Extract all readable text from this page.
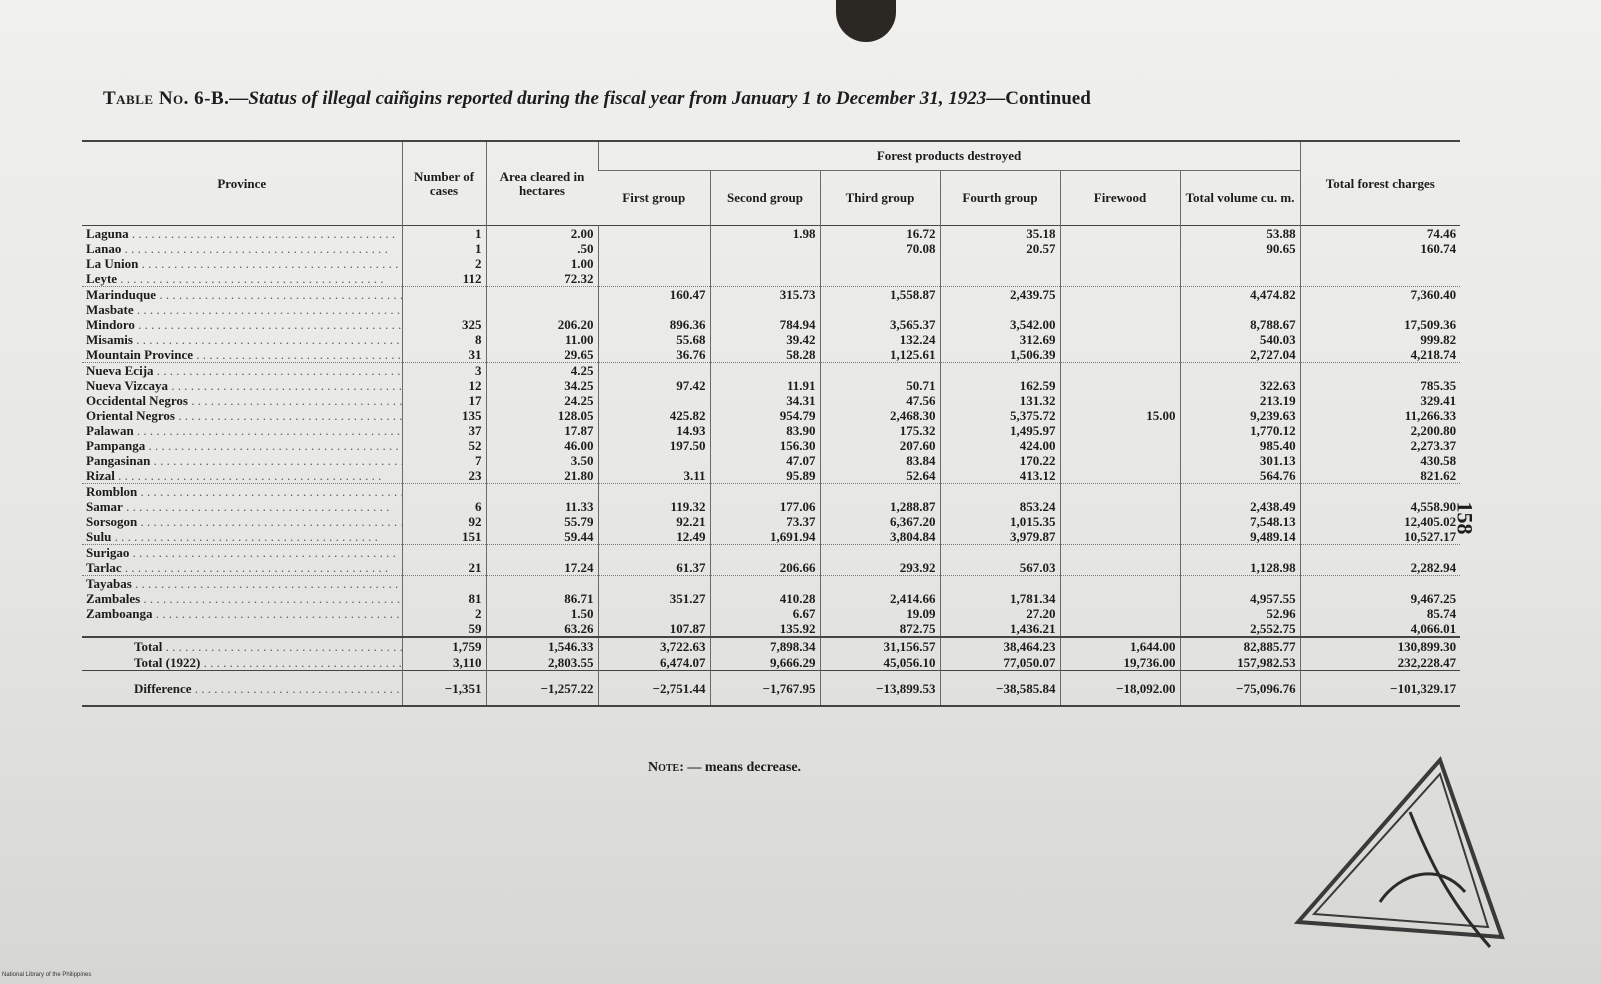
Table No. 6-B.—Status of illegal caiñgins reported during the fiscal year from January 1 to December 31, 1923—Continued
Province	Number of cases	Area cleared in hectares	Forest products destroyed						Total forest charges
			First group	Second group	Third group	Fourth group	Firewood	Total volume cu. m.	
Laguna . . .	1	2.00		1.98	16.72	35.18		53.88	74.46
Lanao . . .	1	.50			70.08	20.57		90.65	160.74
La Union . . .	2	1.00							
Leyte . . .	112	72.32							
Marinduque . . .			160.47	315.73	1,558.87	2,439.75		4,474.82	7,360.40
Masbate . . .									
Mindoro . . .	325	206.20	896.36	784.94	3,565.37	3,542.00		8,788.67	17,509.36
Misamis . . .	8	11.00	55.68	39.42	132.24	312.69		540.03	999.82
Mountain Province . . .	31	29.65	36.76	58.28	1,125.61	1,506.39		2,727.04	4,218.74
Nueva Ecija . . .	3	4.25							
Nueva Vizcaya . . .	12	34.25	97.42	11.91	50.71	162.59		322.63	785.35
Occidental Negros . . .	17	24.25		34.31	47.56	131.32		213.19	329.41
Oriental Negros . . .	135	128.05	425.82	954.79	2,468.30	5,375.72	15.00	9,239.63	11,266.33
Palawan . . .	37	17.87	14.93	83.90	175.32	1,495.97		1,770.12	2,200.80
Pampanga . . .	52	46.00	197.50	156.30	207.60	424.00		985.40	2,273.37
Pangasinan . . .	7	3.50		47.07	83.84	170.22		301.13	430.58
Rizal . . .	23	21.80	3.11	95.89	52.64	413.12		564.76	821.62
Romblon . . .									
Samar . . .	6	11.33	119.32	177.06	1,288.87	853.24		2,438.49	4,558.90
Sorsogon . . .	92	55.79	92.21	73.37	6,367.20	1,015.35		7,548.13	12,405.02
Sulu . . .	151	59.44	12.49	1,691.94	3,804.84	3,979.87		9,489.14	10,527.17
Surigao . . .									
Tarlac . . .	21	17.24	61.37	206.66	293.92	567.03		1,128.98	2,282.94
Tayabas . . .									
Zambales . . .	81	86.71	351.27	410.28	2,414.66	1,781.34		4,957.55	9,467.25
Zamboanga . . .	2	1.50		6.67	19.09	27.20		52.96	85.74
	59	63.26	107.87	135.92	872.75	1,436.21		2,552.75	4,066.01
Total . . .	1,759	1,546.33	3,722.63	7,898.34	31,156.57	38,464.23	1,644.00	82,885.77	130,899.30
Total (1922) . . .	3,110	2,803.55	6,474.07	9,666.29	45,056.10	77,050.07	19,736.00	157,982.53	232,228.47
Difference . . .	−1,351	−1,257.22	−2,751.44	−1,767.95	−13,899.53	−38,585.84	−18,092.00	−75,096.76	−101,329.17
Note: — means decrease.
158
National Library of the Philippines
